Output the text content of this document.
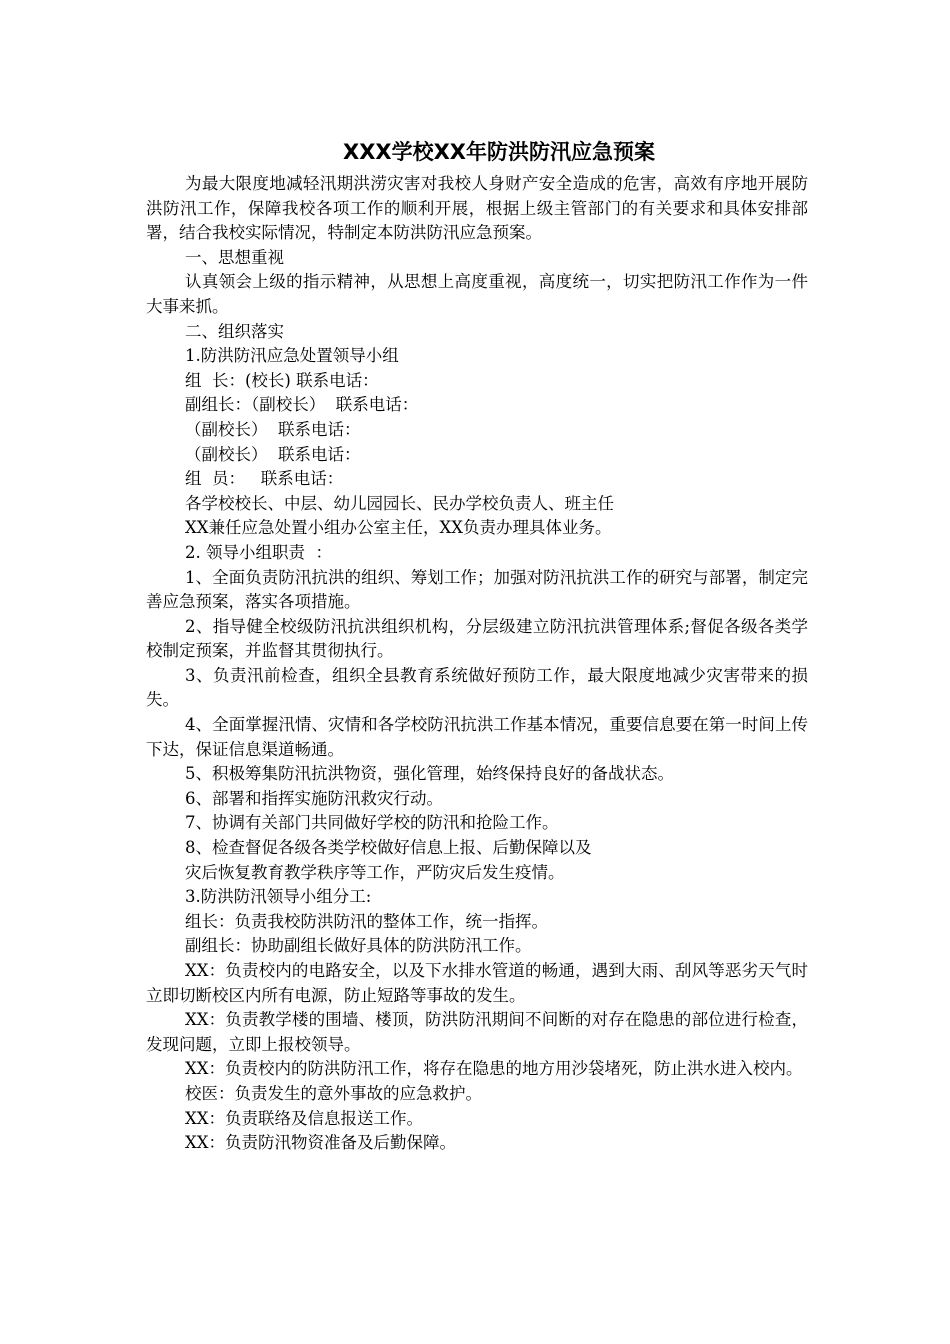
XXX学校XX年防洪防汛应急预案

为最大限度地减轻汛期洪涝灾害对我校人身财产安全造成的危害，高效有序地开展防洪防汛工作，保障我校各项工作的顺利开展，根据上级主管部门的有关要求和具体安排部署，结合我校实际情况，特制定本防洪防汛应急预案。

一、思想重视

认真领会上级的指示精神，从思想上高度重视，高度统一，切实把防汛工作作为一件大事来抓。

二、组织落实

1.防洪防汛应急处置领导小组

组  长：(校长) 联系电话：

副组长：（副校长）  联系电话：

（副校长）  联系电话：

（副校长）  联系电话：

组  员：   联系电话：

各学校校长、中层、幼儿园园长、民办学校负责人、班主任

XX兼任应急处置小组办公室主任，XX负责办理具体业务。

2. 领导小组职责  ：

1、全面负责防汛抗洪的组织、筹划工作；加强对防汛抗洪工作的研究与部署，制定完善应急预案，落实各项措施。

2、指导健全校级防汛抗洪组织机构，分层级建立防汛抗洪管理体系;督促各级各类学校制定预案，并监督其贯彻执行。

3、负责汛前检查，组织全县教育系统做好预防工作，最大限度地减少灾害带来的损失。

4、全面掌握汛情、灾情和各学校防汛抗洪工作基本情况，重要信息要在第一时间上传下达，保证信息渠道畅通。

5、积极筹集防汛抗洪物资，强化管理，始终保持良好的备战状态。

6、部署和指挥实施防汛救灾行动。

7、协调有关部门共同做好学校的防汛和抢险工作。

8、检查督促各级各类学校做好信息上报、后勤保障以及

灾后恢复教育教学秩序等工作，严防灾后发生疫情。

3.防洪防汛领导小组分工:

组长：负责我校防洪防汛的整体工作，统一指挥。

副组长：协助副组长做好具体的防洪防汛工作。

XX：负责校内的电路安全，以及下水排水管道的畅通，遇到大雨、刮风等恶劣天气时立即切断校区内所有电源，防止短路等事故的发生。

XX：负责教学楼的围墙、楼顶，防洪防汛期间不间断的对存在隐患的部位进行检查，发现问题，立即上报校领导。

XX：负责校内的防洪防汛工作，将存在隐患的地方用沙袋堵死，防止洪水进入校内。

校医：负责发生的意外事故的应急救护。

XX：负责联络及信息报送工作。

XX：负责防汛物资准备及后勤保障。
